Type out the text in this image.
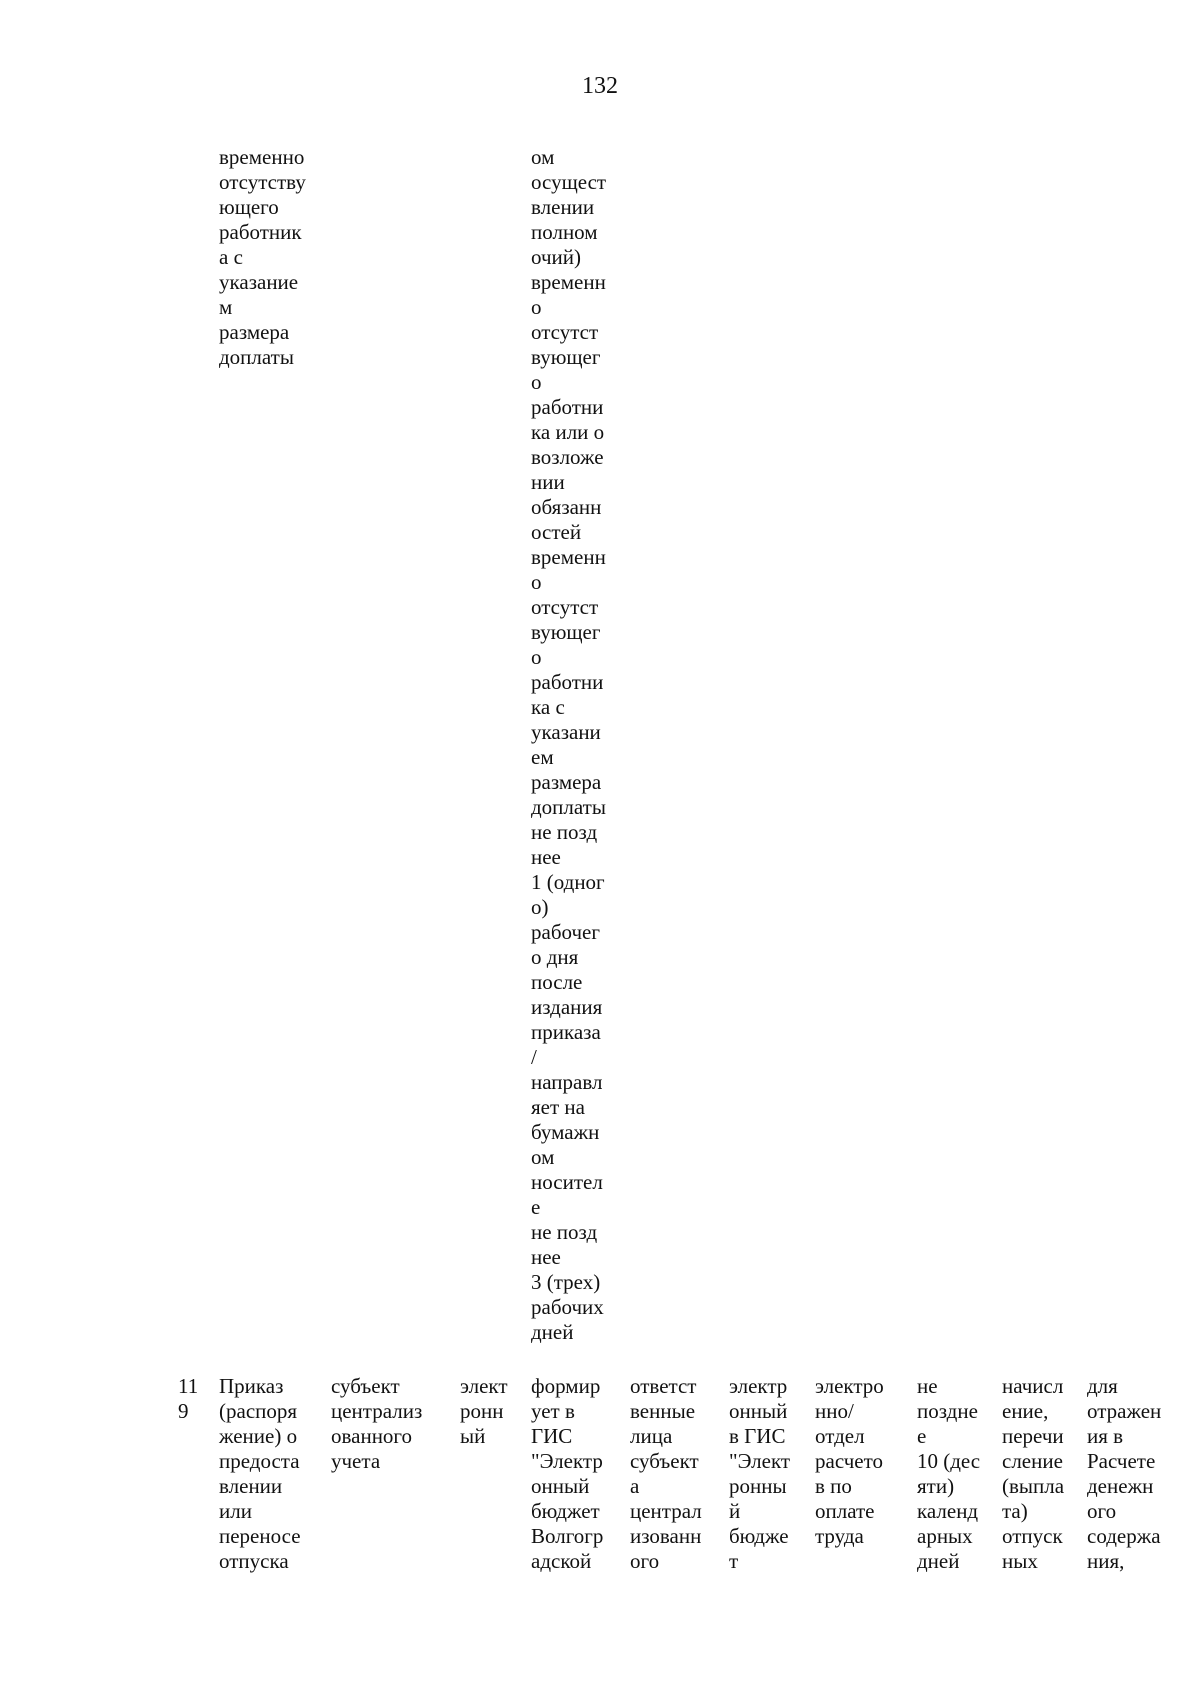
132
временно
отсутству
ющего
работник
а с
указание
м
размера
доплаты
ом
осущест
влении
полном
очий)
временн
о
отсутст
вующег
о
работни
ка или о
возложе
нии
обязанн
остей
временн
о
отсутст
вующег
о
работни
ка с
указани
ем
размера
доплаты
не позд
нее
1 (одног
о)
рабочег
о дня
после
издания
приказа
/
направл
яет на
бумажн
ом
носител
е
не позд
нее
3 (трех)
рабочих
дней
11
9
Приказ
(распоря
жение) о
предоста
влении
или
переносе
отпуска
субъект
централиз
ованного
учета
элект
ронн
ый
формир
ует в
ГИС
"Электр
онный
бюджет
Волгогр
адской
ответст
венные
лица
субъект
а
централ
изованн
ого
электр
онный
в ГИС
"Элект
ронны
й
бюдже
т
электро
нно/
отдел
расчето
в по
оплате
труда
не
поздне
е
10 (дес
яти)
календ
арных
дней
начисл
ение,
перечи
сление
(выпла
та)
отпуск
ных
для
отражен
ия в
Расчете
денежн
ого
содержа
ния,
